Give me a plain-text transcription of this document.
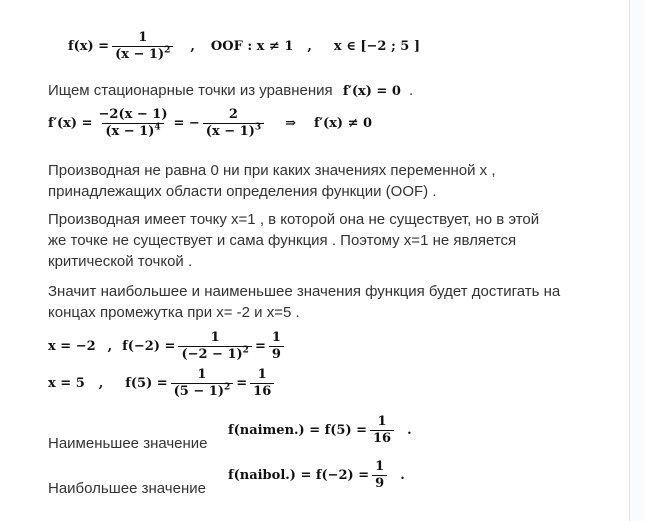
$f(x) = \frac{1}{(x - 1)^2}$ , OOF : x ≠ 1 , x ∈ [−2 ; 5 ]
Ищем стационарные точки из уравнения f′(x) = 0 .
$f'(x) = \frac{-2(x - 1)}{(x - 1)^4}$ = − $\frac{2}{(x - 1)^3}$ ⇒ f′(x) ≠ 0
Производная не равна 0 ни при каких значениях переменной x ,
принадлежащих области определения функции (OOF) .
Производная имеет точку x=1 , в которой она не существует, но в этой
же точке не существует и сама функция . Поэтому x=1 не является
критической точкой .
Значит наибольшее и наименьшее значения функция будет достигать на
концах промежутка при x= -2 и x=5 .
x = −2 , $f(-2) = \frac{1}{(-2 - 1)^2} = \frac{1}{9}$
x = 5 , $f(5) = \frac{1}{(5 - 1)^2} = \frac{1}{16}$
Наименьшее значение
f(naimen.) = $f(5) = \frac{1}{16}$ .
Наибольшее значение
f(naibol.) = $f(-2) = \frac{1}{9}$ .
